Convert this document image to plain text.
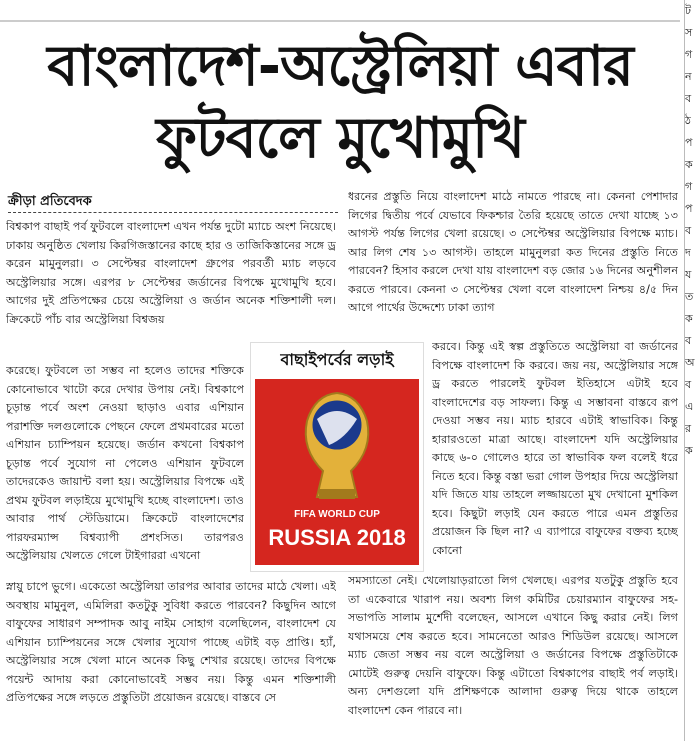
বাংলাদেশ-অস্ট্রেলিয়া এবার
ফুটবলে মুখোমুখি
ট
স
গ
ন
ব
ঠ
প
ক
গ
প
ব
দ
য
ত
ক
ব
অ
ব
এ
র
ক
ক্রীড়া প্রতিবেদক

বিশ্বকাপ বাছাই পর্ব ফুটবলে বাংলাদেশ এখন পর্যন্ত দুটো ম্যাচে অংশ নিয়েছে। ঢাকায় অনুষ্ঠিত খেলায় কিরগিজস্তানের কাছে হার ও তাজিকিস্তানের সঙ্গে ড্র করেন মামুনুলরা। ৩ সেপ্টেম্বর বাংলাদেশ গ্রুপের পরবর্তী ম্যাচ লড়বে অস্ট্রেলিয়ার সঙ্গে। এরপর ৮ সেপ্টেম্বর জর্ডানের বিপক্ষে মুখোমুখি হবে। আগের দুই প্রতিপক্ষের চেয়ে অস্ট্রেলিয়া ও জর্ডান অনেক শক্তিশালী দল। ক্রিকেটে পাঁচ বার অস্ট্রেলিয়া বিশ্বজয়

করেছে। ফুটবলে তা সম্ভব না হলেও তাদের শক্তিকে কোনোভাবে খাটো করে দেখার উপায় নেই। বিশ্বকাপে চূড়ান্ত পর্বে অংশ নেওয়া ছাড়াও এবার এশিয়ান পরাশক্তি দলগুলোকে পেছনে ফেলে প্রথমবারের মতো এশিয়ান চ্যাম্পিয়ন হয়েছে। জর্ডান কখনো বিশ্বকাপ চূড়ান্ত পর্বে সুযোগ না পেলেও এশিয়ান ফুটবলে তাদেরকেও জায়ান্ট বলা হয়। অস্ট্রেলিয়ার বিপক্ষে এই প্রথম ফুটবল লড়াইয়ে মুখোমুখি হচ্ছে বাংলাদেশ। তাও আবার পার্থ স্টেডিয়ামে। ক্রিকেটে বাংলাদেশের পারফরম্যান্স বিশ্বব্যাপী প্রশংসিত। তারপরও অস্ট্রেলিয়ায় খেলতে গেলে টাইগাররা এখনো

স্নায়ু চাপে ভুগে। একেতো অস্ট্রেলিয়া তারপর আবার তাদের মাঠে খেলা। এই অবস্থায় মামুনুল, এমিলিরা কতটুকু সুবিধা করতে পারবেন? কিছুদিন আগে বাফুফের সাধারণ সম্পাদক আবু নাইম সোহাগ বলেছিলেন, বাংলাদেশ যে এশিয়ান চ্যাম্পিয়নের সঙ্গে খেলার সুযোগ পাচ্ছে এটাই বড় প্রাপ্তি। হ্যাঁ, অস্ট্রেলিয়ার সঙ্গে খেলা মানে অনেক কিছু শেখার রয়েছে। তাদের বিপক্ষে পয়েন্ট আদায় করা কোনোভাবেই সম্ভব নয়। কিন্তু এমন শক্তিশালী প্রতিপক্ষের সঙ্গে লড়তে প্রস্তুতিটা প্রয়োজন রয়েছে। বাস্তবে সে

ধরনের প্রস্তুতি নিয়ে বাংলাদেশ মাঠে নামতে পারছে না। কেননা পেশাদার লিগের দ্বিতীয় পর্বে যেভাবে ফিকশ্চার তৈরি হয়েছে তাতে দেখা যাচ্ছে ১৩ আগস্ট পর্যন্ত লিগের খেলা রয়েছে। ৩ সেপ্টেম্বর অস্ট্রেলিয়ার বিপক্ষে ম্যাচ। আর লিগ শেষ ১৩ আগস্ট। তাহলে মামুনুলরা কত দিনের প্রস্তুতি নিতে পারবেন? হিসাব করলে দেখা যায় বাংলাদেশ বড় জোর ১৬ দিনের অনুশীলন করতে পারবে। কেননা ৩ সেপ্টেম্বর খেলা বলে বাংলাদেশ নিশ্চয় ৪/৫ দিন আগে পার্থের উদ্দেশ্যে ঢাকা ত্যাগ

করবে। কিন্তু এই স্বল্প প্রস্তুতিতে অস্ট্রেলিয়া বা জর্ডানের বিপক্ষে বাংলাদেশ কি করবে। জয় নয়, অস্ট্রেলিয়ার সঙ্গে ড্র করতে পারলেই ফুটবল ইতিহাসে এটাই হবে বাংলাদেশের বড় সাফল্য। কিন্তু এ সম্ভাবনা বাস্তবে রূপ দেওয়া সম্ভব নয়। ম্যাচ হারবে এটাই স্বাভাবিক। কিন্তু হারারওতো মাত্রা আছে। বাংলাদেশ যদি অস্ট্রেলিয়ার কাছে ৬-০ গোলেও হারে তা স্বাভাবিক ফল বলেই ধরে নিতে হবে। কিন্তু বস্তা ভরা গোল উপহার দিয়ে অস্ট্রেলিয়া যদি জিতে যায় তাহলে লজ্জায়তো মুখ দেখানো মুশকিল হবে। কিছুটা লড়াই যেন করতে পারে এমন প্রস্তুতির প্রয়োজন কি ছিল না? এ ব্যাপারে বাফুফের বক্তব্য হচ্ছে কোনো

সমস্যাতো নেই। খেলোয়াড়রাতো লিগ খেলছে। এরপর যতটুকু প্রস্তুতি হবে তা একেবারে খারাপ নয়। অবশ্য লিগ কমিটির চেয়ারম্যান বাফুফের সহ-সভাপতি সালাম মুর্শেদী বলেছেন, আসলে এখানে কিছু করার নেই। লিগ যথাসময়ে শেষ করতে হবে। সামনেতো আরও শিডিউল রয়েছে। আসলে ম্যাচ জেতা সম্ভব নয় বলে অস্ট্রেলিয়া ও জর্ডানের বিপক্ষে প্রস্তুতিটাকে মোটেই গুরুত্ব দেয়নি বাফুফে। কিন্তু এটাতো বিশ্বকাপের বাছাই পর্ব লড়াই। অন্য দেশগুলো যদি প্রশিক্ষণকে আলাদা গুরুত্ব দিয়ে থাকে তাহলে বাংলাদেশ কেন পারবে না।

বাছাইপর্বের লড়াই
FIFA WORLD CUP
RUSSIA 2018
